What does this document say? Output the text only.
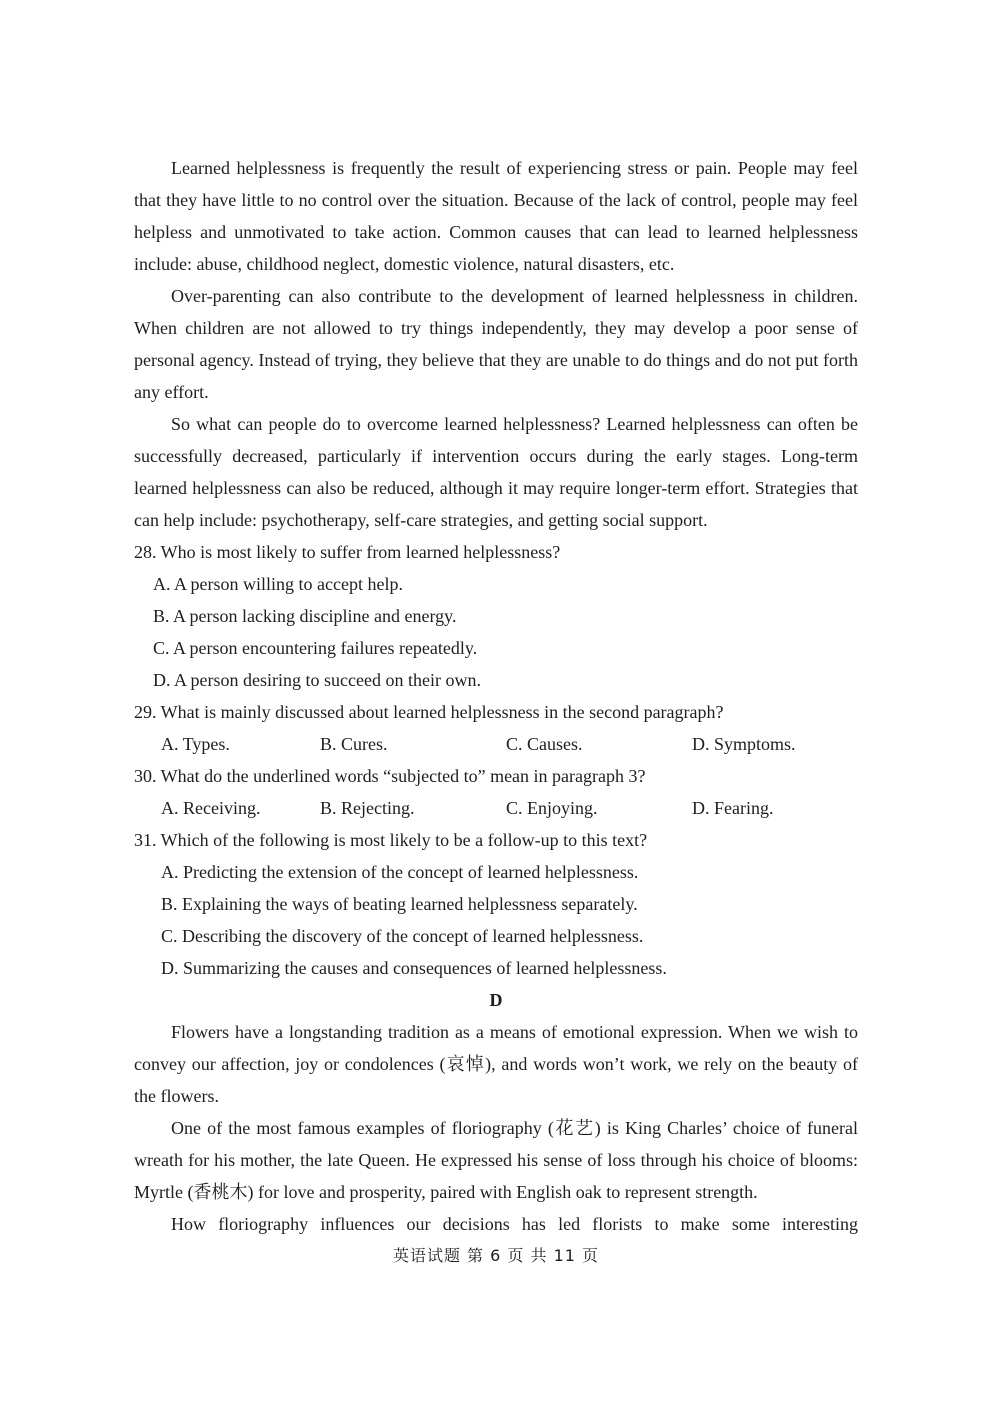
Learned helplessness is frequently the result of experiencing stress or pain. People may feel that they have little to no control over the situation. Because of the lack of control, people may feel helpless and unmotivated to take action. Common causes that can lead to learned helplessness include: abuse, childhood neglect, domestic violence, natural disasters, etc.

Over-parenting can also contribute to the development of learned helplessness in children. When children are not allowed to try things independently, they may develop a poor sense of personal agency. Instead of trying, they believe that they are unable to do things and do not put forth any effort.

So what can people do to overcome learned helplessness? Learned helplessness can often be successfully decreased, particularly if intervention occurs during the early stages. Long-term learned helplessness can also be reduced, although it may require longer-term effort. Strategies that can help include: psychotherapy, self-care strategies, and getting social support.

28. Who is most likely to suffer from learned helplessness?

A. A person willing to accept help.

B. A person lacking discipline and energy.

C. A person encountering failures repeatedly.

D. A person desiring to succeed on their own.

29. What is mainly discussed about learned helplessness in the second paragraph?

A. Types.	B. Cures.	C. Causes.	D. Symptoms.

30. What do the underlined words “subjected to” mean in paragraph 3?

A. Receiving.	B. Rejecting.	C. Enjoying.	D. Fearing.

31. Which of the following is most likely to be a follow-up to this text?

A. Predicting the extension of the concept of learned helplessness.

B. Explaining the ways of beating learned helplessness separately.

C. Describing the discovery of the concept of learned helplessness.

D. Summarizing the causes and consequences of learned helplessness.

D

Flowers have a longstanding tradition as a means of emotional expression. When we wish to convey our affection, joy or condolences (哀悼), and words won’t work, we rely on the beauty of the flowers.

One of the most famous examples of floriography (花艺) is King Charles’ choice of funeral wreath for his mother, the late Queen. He expressed his sense of loss through his choice of blooms: Myrtle (香桃木) for love and prosperity, paired with English oak to represent strength.

How floriography influences our decisions has led florists to make some interesting

英语试题 第 6 页 共 11 页
